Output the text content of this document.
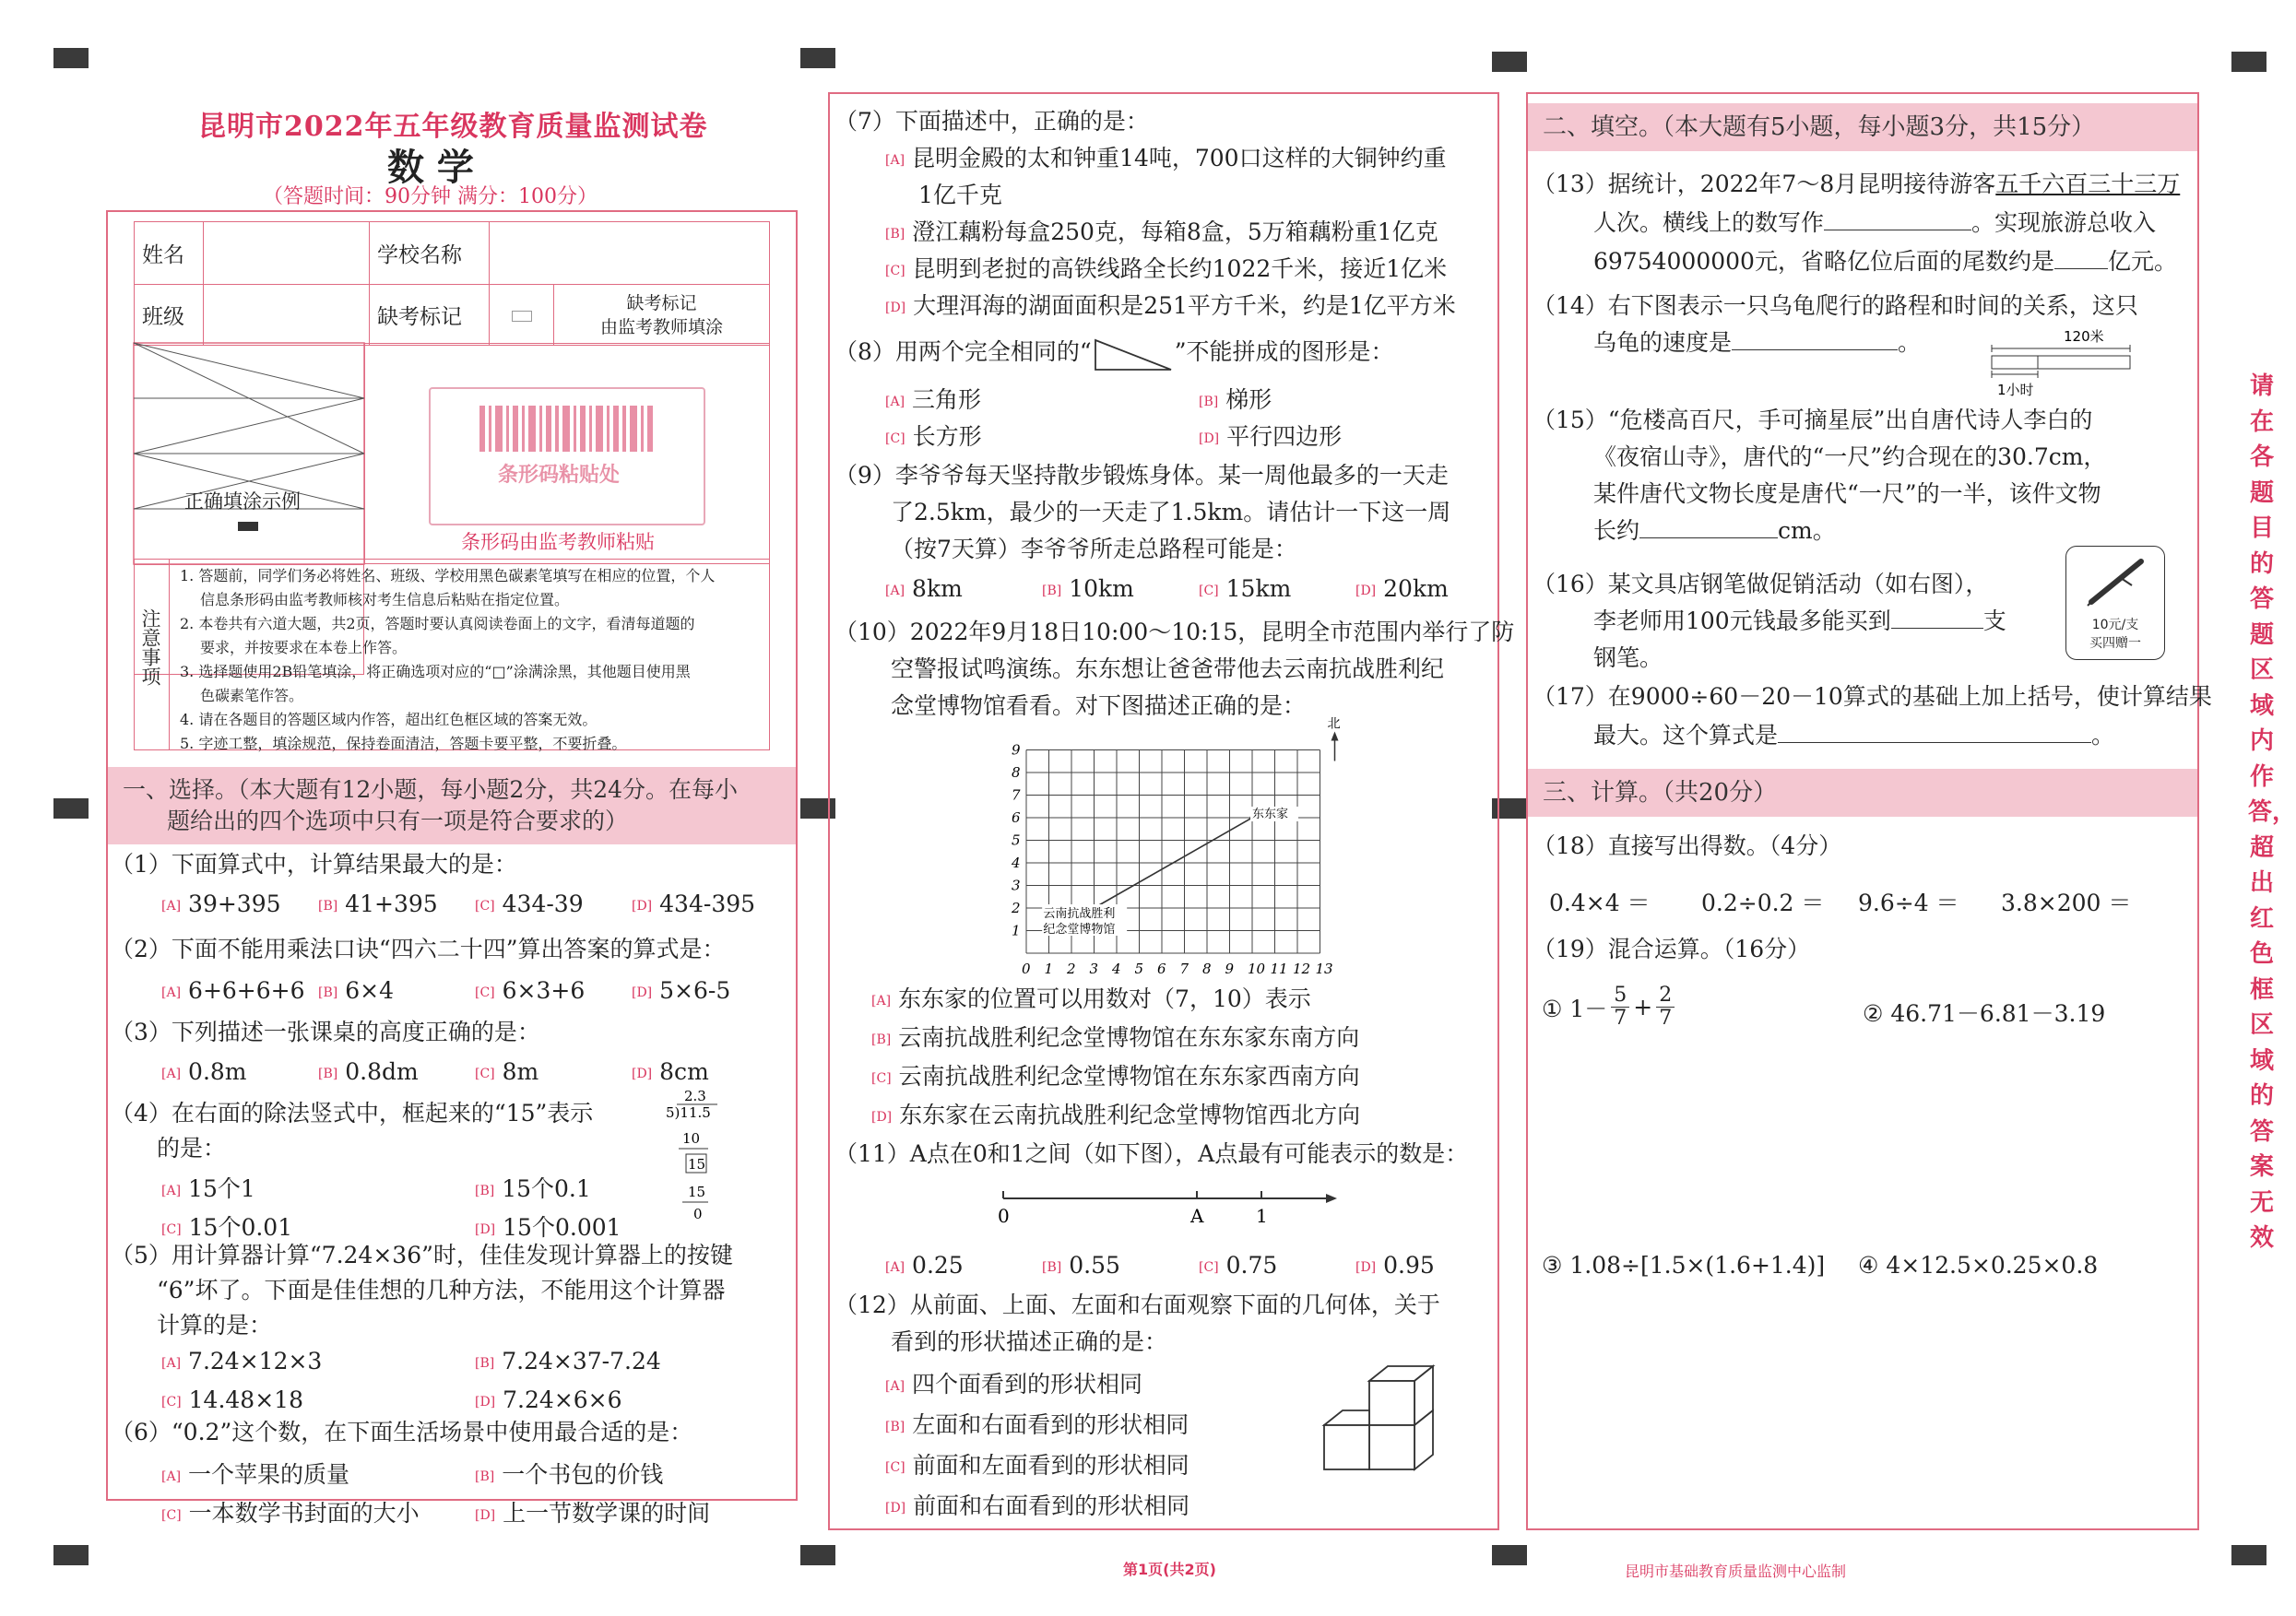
昆明市2022年五年级教育质量监测试卷
数 学
（答题时间：90分钟 满分：100分）
姓名		学校名称		
班级		缺考标记		缺考标记
由监考教师填涂
正确填涂示例
条形码粘贴处
条形码由监考教师粘贴
注意事项
1. 答题前，同学们务必将姓名、班级、学校用黑色碳素笔填写在相应的位置，个人
信息条形码由监考教师核对考生信息后粘贴在指定位置。
2. 本卷共有六道大题，共2页，答题时要认真阅读卷面上的文字，看清每道题的
要求，并按要求在本卷上作答。
3. 选择题使用2B铅笔填涂，将正确选项对应的“□”涂满涂黑，其他题目使用黑
色碳素笔作答。
4. 请在各题目的答题区域内作答，超出红色框区域的答案无效。
5. 字迹工整，填涂规范，保持卷面清洁，答题卡要平整，不要折叠。
一、选择。（本大题有12小题，每小题2分，共24分。在每小
题给出的四个选项中只有一项是符合要求的）
（1）下面算式中，计算结果最大的是：
[A] 39+395	[B] 41+395	[C] 434-39	[D] 434-395
（2）下面不能用乘法口诀“四六二十四”算出答案的算式是：
[A] 6+6+6+6 [B] 6×4	[C] 6×3+6	[D] 5×6-5
（3）下列描述一张课桌的高度正确的是：
[A] 0.8m	[B] 0.8dm	[C] 8m	[D] 8cm
（4）在右面的除法竖式中，框起来的“15”表示
的是：
2.3
5)11.5
10
15
15
0
[A] 15个1	[B] 15个0.1
[C] 15个0.01	[D] 15个0.001
（5）用计算器计算“7.24×36”时，佳佳发现计算器上的按键
“6”坏了。下面是佳佳想的几种方法，不能用这个计算器
计算的是：
[A] 7.24×12×3	[B] 7.24×37-7.24
[C] 14.48×18	[D] 7.24×6×6
（6）“0.2”这个数，在下面生活场景中使用最合适的是：
[A] 一个苹果的质量	[B] 一个书包的价钱
[C] 一本数学书封面的大小	[D] 上一节数学课的时间
（7）下面描述中，正确的是：
[A] 昆明金殿的太和钟重14吨，700口这样的大铜钟约重
1亿千克
[B] 澄江藕粉每盒250克，每箱8盒，5万箱藕粉重1亿克
[C] 昆明到老挝的高铁线路全长约1022千米，接近1亿米
[D] 大理洱海的湖面面积是251平方千米，约是1亿平方米
（8）用两个完全相同的“	”不能拼成的图形是：
[A] 三角形	[B] 梯形
[C] 长方形	[D] 平行四边形
（9）李爷爷每天坚持散步锻炼身体。某一周他最多的一天走
了2.5km，最少的一天走了1.5km。请估计一下这一周
（按7天算）李爷爷所走总路程可能是：
[A] 8km	[B] 10km	[C] 15km	[D] 20km
（10）2022年9月18日10:00～10:15，昆明全市范围内举行了防
空警报试鸣演练。东东想让爸爸带他去云南抗战胜利纪
念堂博物馆看看。对下图描述正确的是：
0 1 2 3 4 5 6 7 8 9 10 11 12 13
1
2
3
4
5
6
7
8
9
北
东东家
云南抗战胜利
纪念堂博物馆
[A] 东东家的位置可以用数对（7，10）表示
[B] 云南抗战胜利纪念堂博物馆在东东家东南方向
[C] 云南抗战胜利纪念堂博物馆在东东家西南方向
[D] 东东家在云南抗战胜利纪念堂博物馆西北方向
（11）A点在0和1之间（如下图），A点最有可能表示的数是：
0	A	1
[A] 0.25	[B] 0.55	[C] 0.75	[D] 0.95
（12）从前面、上面、左面和右面观察下面的几何体，关于
看到的形状描述正确的是：
[A] 四个面看到的形状相同
[B] 左面和右面看到的形状相同
[C] 前面和左面看到的形状相同
[D] 前面和右面看到的形状相同
二、填空。（本大题有5小题，每小题3分，共15分）
（13）据统计，2022年7～8月昆明接待游客五千六百三十三万
人次。横线上的数写作	。实现旅游总收入
69754000000元，省略亿位后面的尾数约是 亿元。
（14）右下图表示一只乌龟爬行的路程和时间的关系，这只
乌龟的速度是	。	120米
1小时
（15）“危楼高百尺，手可摘星辰”出自唐代诗人李白的
《夜宿山寺》，唐代的“一尺”约合现在的30.7cm，
某件唐代文物长度是唐代“一尺”的一半，该件文物
长约	cm。
（16）某文具店钢笔做促销活动（如右图），
李老师用100元钱最多能买到	支
钢笔。
10元/支
买四赠一
（17）在9000÷60－20－10算式的基础上加上括号，使计算结果
最大。这个算式是	。
三、计算。（共20分）
（18）直接写出得数。（4分）
0.4×4 ＝ 0.2÷0.2 ＝ 9.6÷4 ＝ 3.8×200 ＝
（19）混合运算。（16分）
① $1- \frac{5}{7} + \frac{2}{7}$	② 46.71－6.81－3.19
③ 1.08÷[1.5×(1.6+1.4)] ④ 4×12.5×0.25×0.8
请在各题目的答题区域内作答，超出红色框区域的答案无效
第1页(共2页)	昆明市基础教育质量监测中心监制
